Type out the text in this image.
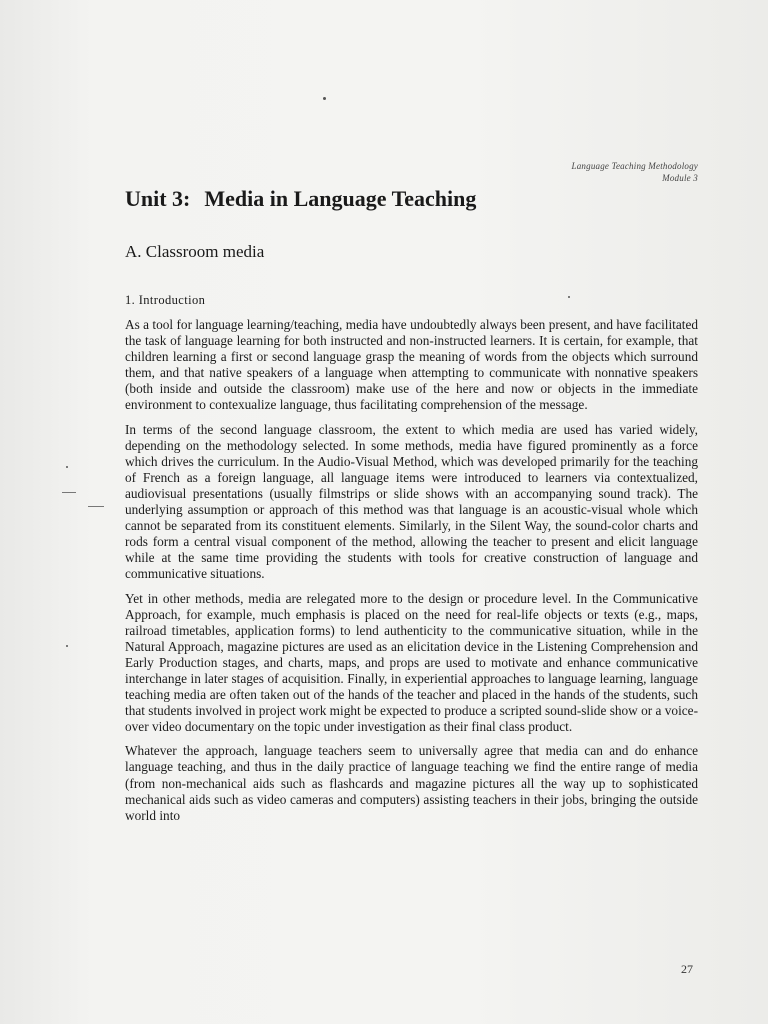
Language Teaching Methodology
Module 3
Unit 3: Media in Language Teaching
A. Classroom media
1. Introduction

As a tool for language learning/teaching, media have undoubtedly always been present, and have facilitated the task of language learning for both instructed and non-instructed learners. It is certain, for example, that children learning a first or second language grasp the meaning of words from the objects which surround them, and that native speakers of a language when attempting to communicate with nonnative speakers (both inside and outside the classroom) make use of the here and now or objects in the immediate environment to contexualize language, thus facilitating comprehension of the message.

In terms of the second language classroom, the extent to which media are used has varied widely, depending on the methodology selected. In some methods, media have figured prominently as a force which drives the curriculum. In the Audio-Visual Method, which was developed primarily for the teaching of French as a foreign language, all language items were introduced to learners via contextualized, audiovisual presentations (usually filmstrips or slide shows with an accompanying sound track). The underlying assumption or approach of this method was that language is an acoustic-visual whole which cannot be separated from its constituent elements. Similarly, in the Silent Way, the sound-color charts and rods form a central visual component of the method, allowing the teacher to present and elicit language while at the same time providing the students with tools for creative construction of language and communicative situations.

Yet in other methods, media are relegated more to the design or procedure level. In the Communicative Approach, for example, much emphasis is placed on the need for real-life objects or texts (e.g., maps, railroad timetables, application forms) to lend authenticity to the communicative situation, while in the Natural Approach, magazine pictures are used as an elicitation device in the Listening Comprehension and Early Production stages, and charts, maps, and props are used to motivate and enhance communicative interchange in later stages of acquisition. Finally, in experiential approaches to language learning, language teaching media are often taken out of the hands of the teacher and placed in the hands of the students, such that students involved in project work might be expected to produce a scripted sound-slide show or a voice-over video documentary on the topic under investigation as their final class product.

Whatever the approach, language teachers seem to universally agree that media can and do enhance language teaching, and thus in the daily practice of language teaching we find the entire range of media (from non-mechanical aids such as flashcards and magazine pictures all the way up to sophisticated mechanical aids such as video cameras and computers) assisting teachers in their jobs, bringing the outside world into

27
